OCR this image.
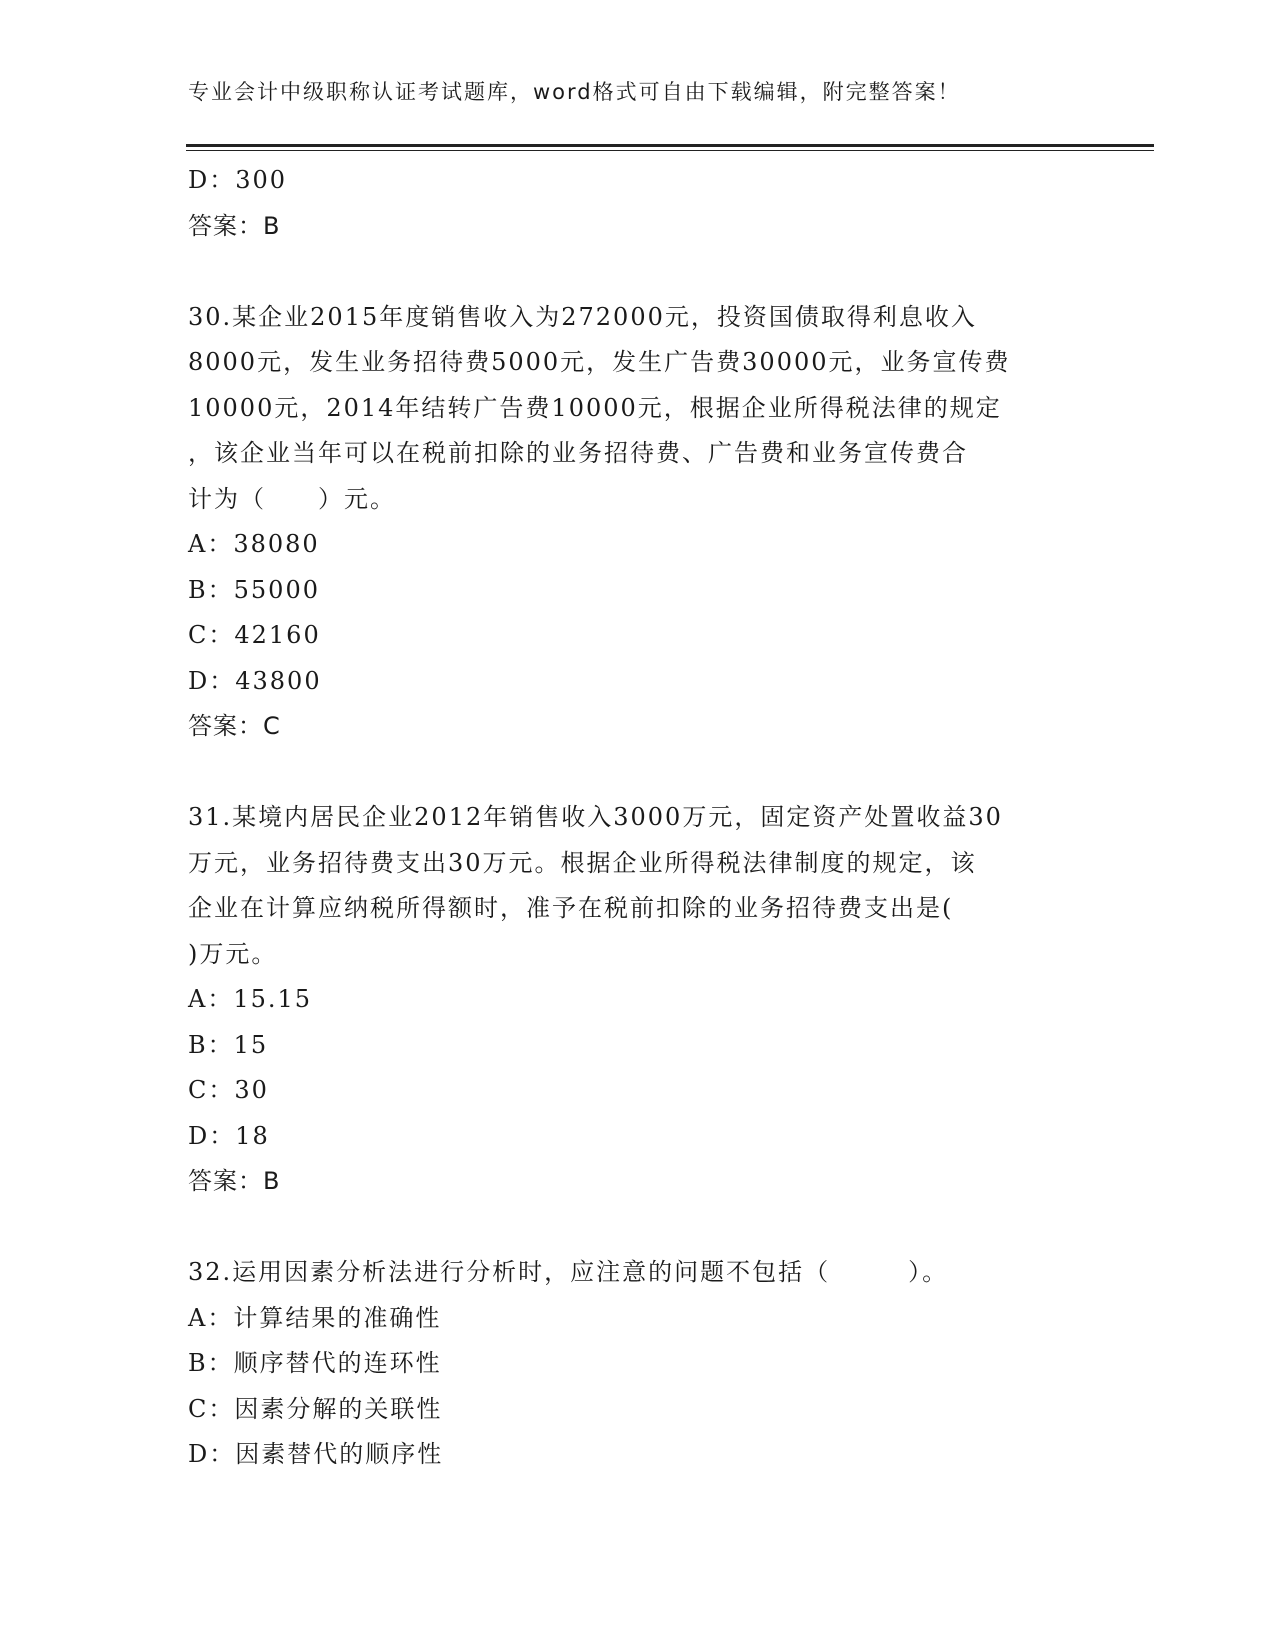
专业会计中级职称认证考试题库，word格式可自由下载编辑，附完整答案！
D：300
答案：B
30.某企业2015年度销售收入为272000元，投资国债取得利息收入
8000元，发生业务招待费5000元，发生广告费30000元，业务宣传费
10000元，2014年结转广告费10000元，根据企业所得税法律的规定
，该企业当年可以在税前扣除的业务招待费、广告费和业务宣传费合
计为（　　）元。
A：38080
B：55000
C：42160
D：43800
答案：C
31.某境内居民企业2012年销售收入3000万元，固定资产处置收益30
万元，业务招待费支出30万元。根据企业所得税法律制度的规定，该
企业在计算应纳税所得额时，准予在税前扣除的业务招待费支出是(
)万元。
A：15.15
B：15
C：30
D：18
答案：B
32.运用因素分析法进行分析时，应注意的问题不包括（　　　）。
A：计算结果的准确性
B：顺序替代的连环性
C：因素分解的关联性
D：因素替代的顺序性
